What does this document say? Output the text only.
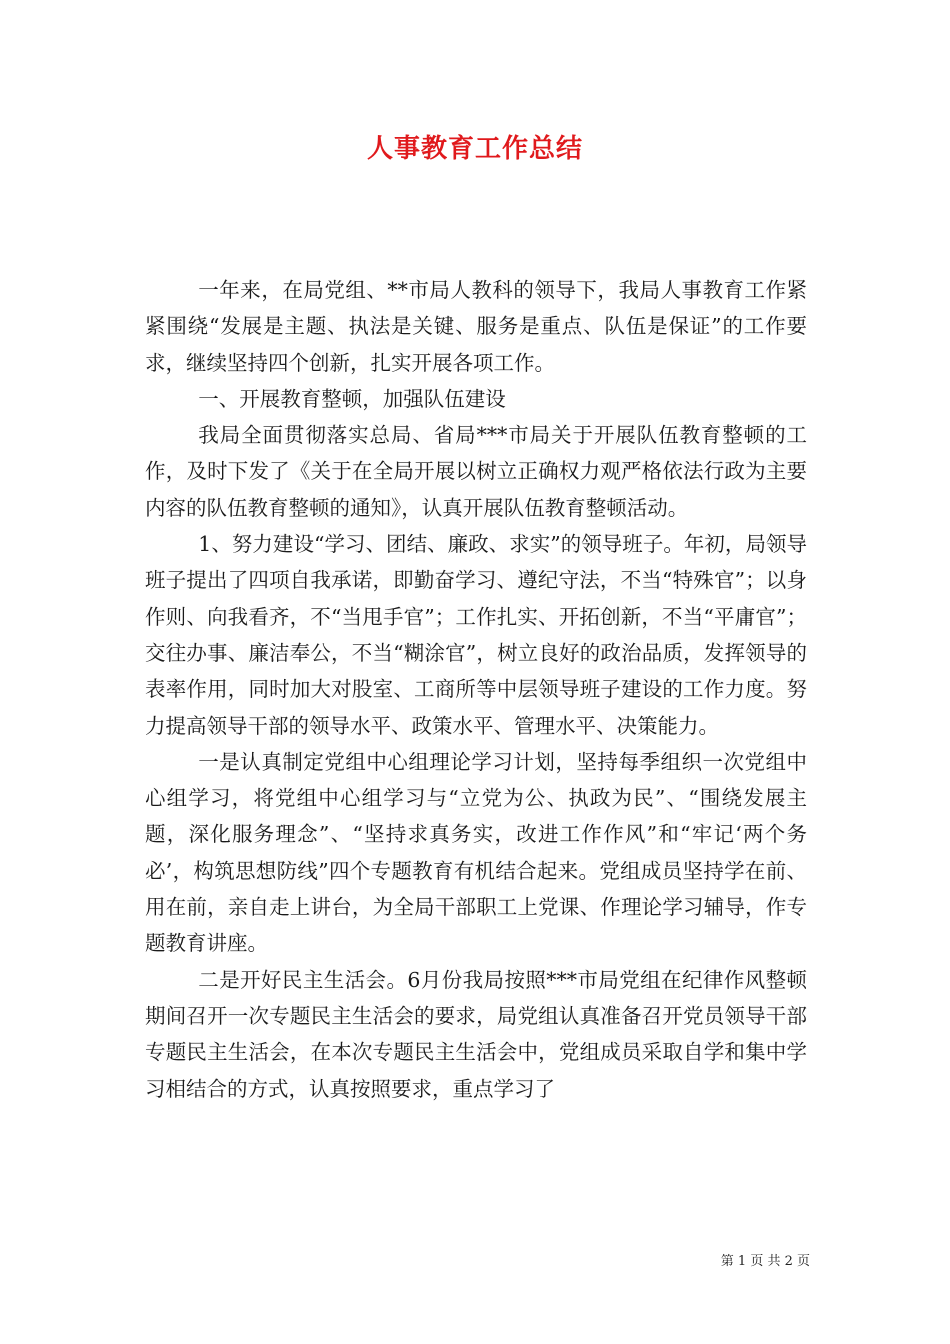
人事教育工作总结

一年来，在局党组、**市局人教科的领导下，我局人事教育工作紧紧围绕“发展是主题、执法是关键、服务是重点、队伍是保证”的工作要求，继续坚持四个创新，扎实开展各项工作。

一、开展教育整顿，加强队伍建设

我局全面贯彻落实总局、省局***市局关于开展队伍教育整顿的工作，及时下发了《关于在全局开展以树立正确权力观严格依法行政为主要内容的队伍教育整顿的通知》，认真开展队伍教育整顿活动。

1、努力建设“学习、团结、廉政、求实”的领导班子。年初，局领导班子提出了四项自我承诺，即勤奋学习、遵纪守法，不当“特殊官”；以身作则、向我看齐，不“当甩手官”；工作扎实、开拓创新，不当“平庸官”；交往办事、廉洁奉公，不当“糊涂官”，树立良好的政治品质，发挥领导的表率作用，同时加大对股室、工商所等中层领导班子建设的工作力度。努力提高领导干部的领导水平、政策水平、管理水平、决策能力。

一是认真制定党组中心组理论学习计划，坚持每季组织一次党组中心组学习，将党组中心组学习与“立党为公、执政为民”、“围绕发展主题，深化服务理念”、“坚持求真务实，改进工作作风”和“牢记‘两个务必’，构筑思想防线”四个专题教育有机结合起来。党组成员坚持学在前、用在前，亲自走上讲台，为全局干部职工上党课、作理论学习辅导，作专题教育讲座。

二是开好民主生活会。6月份我局按照***市局党组在纪律作风整顿期间召开一次专题民主生活会的要求，局党组认真准备召开党员领导干部专题民主生活会，在本次专题民主生活会中，党组成员采取自学和集中学习相结合的方式，认真按照要求，重点学习了

第 1 页 共 2 页
